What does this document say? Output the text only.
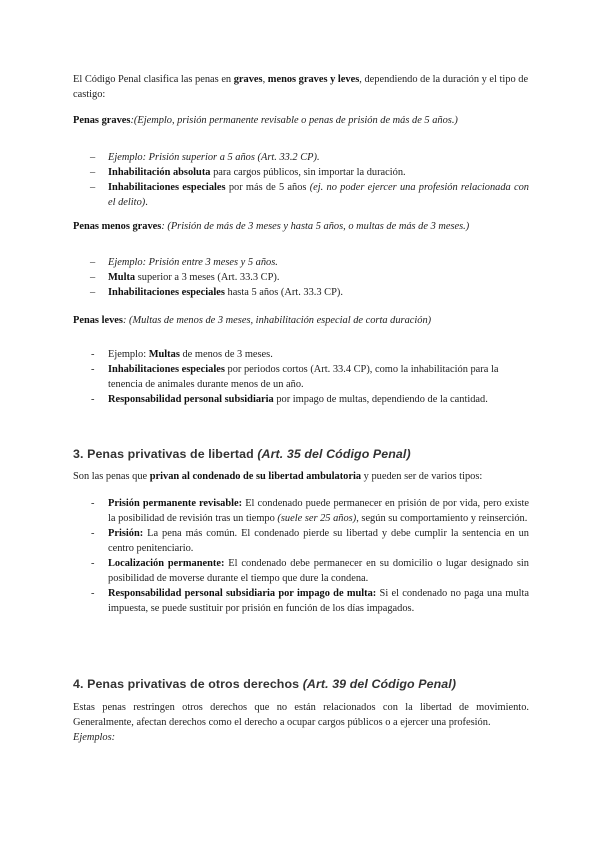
El Código Penal clasifica las penas en graves, menos graves y leves, dependiendo de la duración y el tipo de castigo:

Penas graves:(Ejemplo, prisión permanente revisable o penas de prisión de más de 5 años.)

– Ejemplo: Prisión superior a 5 años (Art. 33.2 CP).
– Inhabilitación absoluta para cargos públicos, sin importar la duración.
– Inhabilitaciones especiales por más de 5 años (ej. no poder ejercer una profesión relacionada con el delito).

Penas menos graves: (Prisión de más de 3 meses y hasta 5 años, o multas de más de 3 meses.)

– Ejemplo: Prisión entre 3 meses y 5 años.
– Multa superior a 3 meses (Art. 33.3 CP).
– Inhabilitaciones especiales hasta 5 años (Art. 33.3 CP).

Penas leves: (Multas de menos de 3 meses, inhabilitación especial de corta duración)

- Ejemplo: Multas de menos de 3 meses.
- Inhabilitaciones especiales por periodos cortos (Art. 33.4 CP), como la inhabilitación para la tenencia de animales durante menos de un año.
- Responsabilidad personal subsidiaria por impago de multas, dependiendo de la cantidad.
3. Penas privativas de libertad (Art. 35 del Código Penal)

Son las penas que privan al condenado de su libertad ambulatoria y pueden ser de varios tipos:

- Prisión permanente revisable: El condenado puede permanecer en prisión de por vida, pero existe la posibilidad de revisión tras un tiempo (suele ser 25 años), según su comportamiento y reinserción.
- Prisión: La pena más común. El condenado pierde su libertad y debe cumplir la sentencia en un centro penitenciario.
- Localización permanente: El condenado debe permanecer en su domicilio o lugar designado sin posibilidad de moverse durante el tiempo que dure la condena.
- Responsabilidad personal subsidiaria por impago de multa: Si el condenado no paga una multa impuesta, se puede sustituir por prisión en función de los días impagados.
4. Penas privativas de otros derechos (Art. 39 del Código Penal)

Estas penas restringen otros derechos que no están relacionados con la libertad de movimiento. Generalmente, afectan derechos como el derecho a ocupar cargos públicos o a ejercer una profesión.
Ejemplos:
